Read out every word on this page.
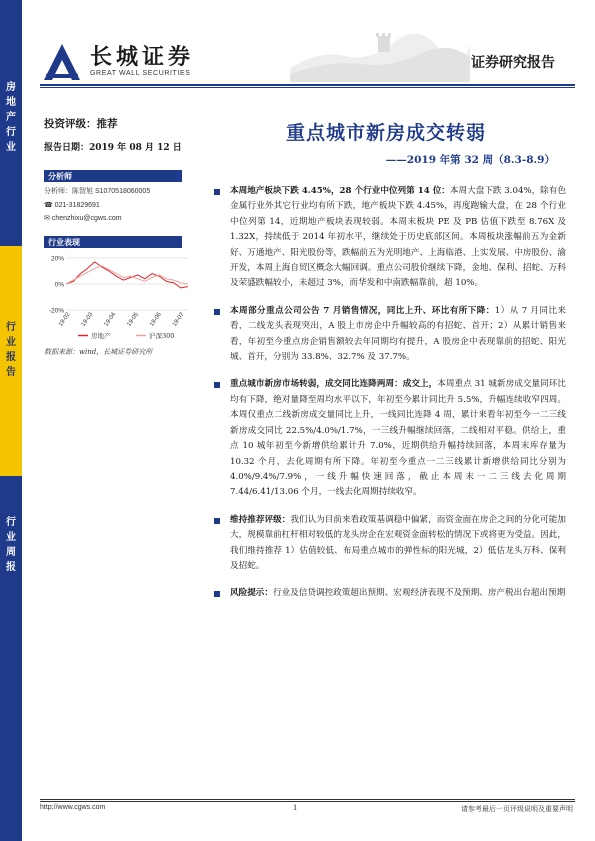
房
地
产
行
业
行
业
报
告
行
业
周
报
长城证券
GREAT WALL SECURITIES
证券研究报告
投资评级：推荐
报告日期：2019 年 08 月 12 日
重点城市新房成交转弱
——2019 年第 32 周（8.3-8.9）
分析师
分析师：陈智旭 S1070518060005
☎ 021-31829691
✉ chenzhixu@cgws.com
行业表现
20%
0%
-20%
19-02 19-03 19-04 19-05 19-06 19-07
房地产	沪深300
数据来源：wind，长城证券研究所
本周地产板块下跌 4.45%，28 个行业中位列第 14 位：本周大盘下跌 3.04%，除有色金属行业外其它行业均有所下跌，地产板块下跌 4.45%，再度跑输大盘，在 28 个行业中位列第 14，近期地产板块表现较弱。本周末板块 PE 及 PB 估值下跌至 8.76X 及 1.32X，持续低于 2014 年初水平，继续处于历史底部区间。本周板块涨幅前五为金新好、万通地产、阳光股份等，跌幅前五为光明地产、上海临港、上实发展、中房股份、渝开发，本周上海自贸区概念大幅回调。重点公司股价继续下降，金地、保利、招蛇、万科及荣盛跌幅较小，未超过 3%，而华发和中南跌幅靠前，超 10%。
本周部分重点公司公告 7 月销售情况，同比上升、环比有所下降：1）从 7 月同比来看，二线龙头表现突出，A 股上市房企中升幅较高的有招蛇、首开；2）从累计销售来看，年初至今重点房企销售额较去年同期均有提升，A 股房企中表现靠前的招蛇、阳光城、首开，分别为 33.8%、32.7% 及 37.7%。
重点城市新房市场转弱，成交同比连降两周：成交上，本周重点 31 城新房成交量同环比均有下降，绝对量降至周均水平以下，年初至今累计同比升 5.5%，升幅连续收窄四周。本周仅重点二线新房成交量同比上升，一线同比连降 4 周，累计来看年初至今一二三线新房成交同比 22.5%/4.0%/1.7%，一三线升幅继续回落，二线相对平稳。供给上，重点 10 城年初至今新增供给累计升 7.0%，近期供给升幅持续回落，本周末库存量为 10.32 个月，去化周期有所下降。年初至今重点一二三线累计新增供给同比分别为 4.0%/9.4%/7.9%，一线升幅快速回落，截止本周末一二三线去化周期 7.44/6.41/13.06 个月，一线去化周期持续收窄。
维持推荐评级：我们认为目前来看政策基调稳中偏紧，而资金面在房企之间的分化可能加大，规模靠前杠杆相对较低的龙头房企在宏观资金面转松的情况下或将更为受益。因此，我们维持推荐 1）估值较低、布局重点城市的弹性标的阳光城，2）低估龙头万科、保利及招蛇。
风险提示：行业及信贷调控政策超出预期、宏观经济表现不及预期、房产税出台超出预期
http://www.cgws.com	1	请参考最后一页评级说明及重要声明
